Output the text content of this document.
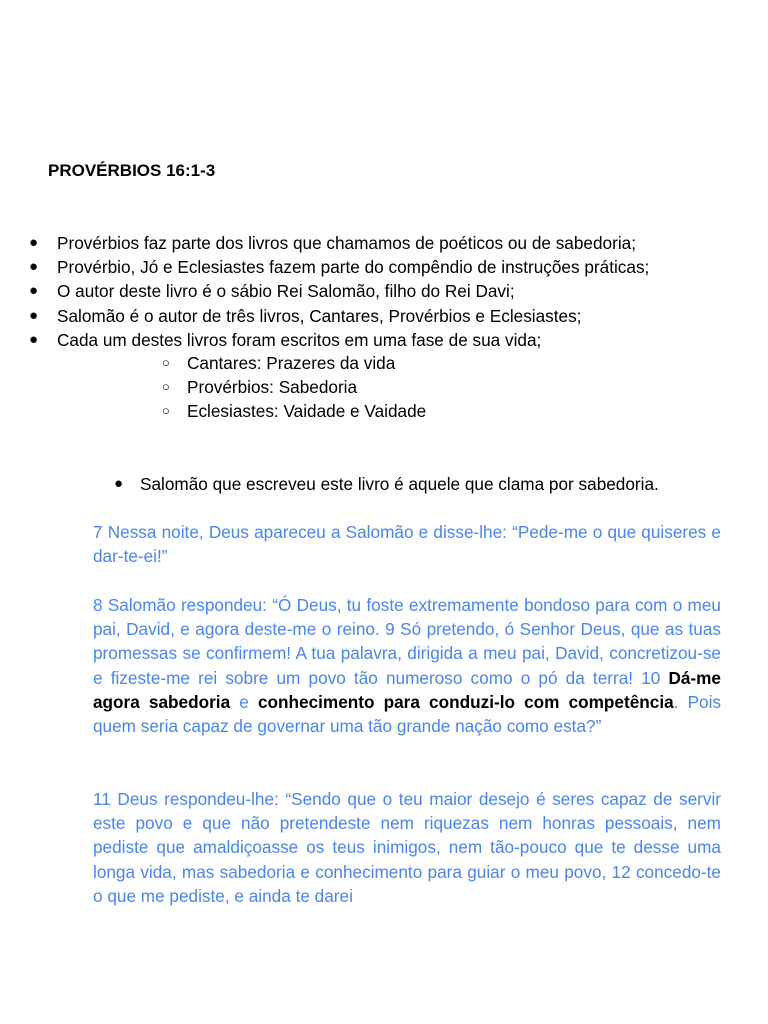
PROVÉRBIOS 16:1-3
● Provérbios faz parte dos livros que chamamos de poéticos ou de sabedoria;
● Provérbio, Jó e Eclesiastes fazem parte do compêndio de instruções práticas;
● O autor deste livro é o sábio Rei Salomão, filho do Rei Davi;
● Salomão é o autor de três livros, Cantares, Provérbios e Eclesiastes;
● Cada um destes livros foram escritos em uma fase de sua vida;
○ Cantares: Prazeres da vida
○ Provérbios: Sabedoria
○ Eclesiastes: Vaidade e Vaidade
● Salomão que escreveu este livro é aquele que clama por sabedoria.
7 Nessa noite, Deus apareceu a Salomão e disse-lhe: “Pede-me o que quiseres e dar-te-ei!”
8 Salomão respondeu: “Ó Deus, tu foste extremamente bondoso para com o meu pai, David, e agora deste-me o reino. 9 Só pretendo, ó Senhor Deus, que as tuas promessas se confirmem! A tua palavra, dirigida a meu pai, David, concretizou-se e fizeste-me rei sobre um povo tão numeroso como o pó da terra! 10 Dá-me agora sabedoria e conhecimento para conduzi-lo com competência. Pois quem seria capaz de governar uma tão grande nação como esta?”
11 Deus respondeu-lhe: “Sendo que o teu maior desejo é seres capaz de servir este povo e que não pretendeste nem riquezas nem honras pessoais, nem pediste que amaldiçoasse os teus inimigos, nem tão-pouco que te desse uma longa vida, mas sabedoria e conhecimento para guiar o meu povo, 12 concedo-te o que me pediste, e ainda te darei
